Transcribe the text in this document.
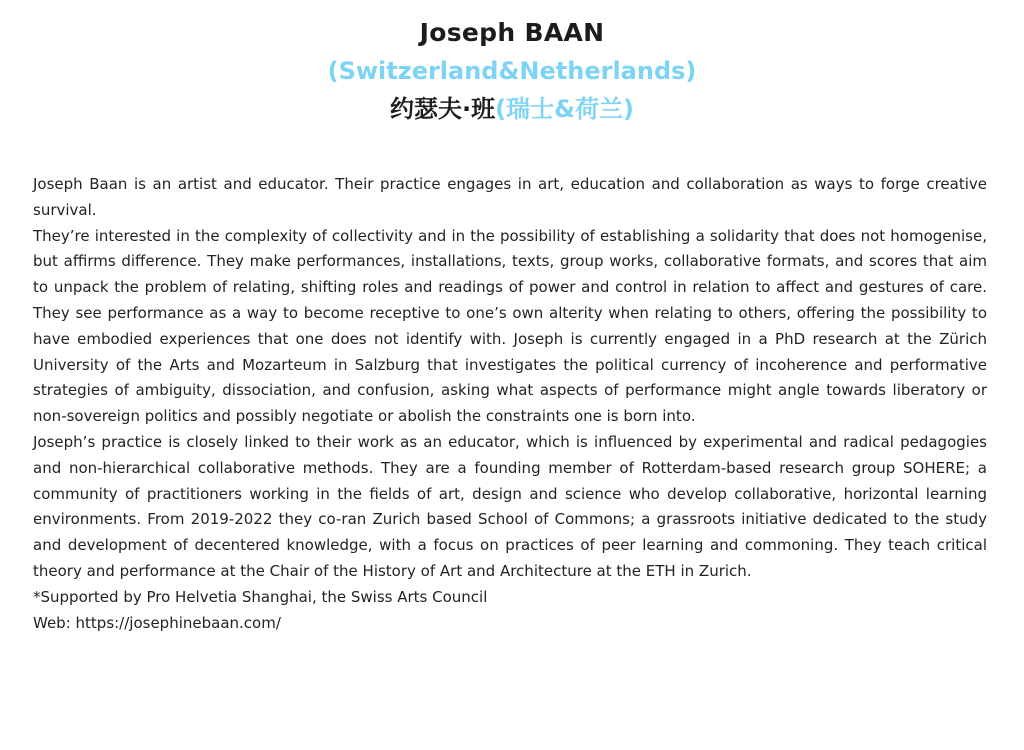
Joseph BAAN
(Switzerland&Netherlands)
约瑟夫·班(瑞士&荷兰)

Joseph Baan is an artist and educator. Their practice engages in art, education and collaboration as ways to forge creative survival.

They’re interested in the complexity of collectivity and in the possibility of establishing a solidarity that does not homogenise, but affirms difference. They make performances, installations, texts, group works, collaborative formats, and scores that aim to unpack the problem of relating, shifting roles and readings of power and control in relation to affect and gestures of care. They see performance as a way to become receptive to one’s own alterity when relating to others, offering the possibility to have embodied experiences that one does not identify with. Joseph is currently engaged in a PhD research at the Zürich University of the Arts and Mozarteum in Salzburg that investigates the political currency of incoherence and performative strategies of ambiguity, dissociation, and confusion, asking what aspects of performance might angle towards liberatory or non-sovereign politics and possibly negotiate or abolish the constraints one is born into.

Joseph’s practice is closely linked to their work as an educator, which is influenced by experimental and radical pedagogies and non-hierarchical collaborative methods. They are a founding member of Rotterdam-based research group SOHERE; a community of practitioners working in the fields of art, design and science who develop collaborative, horizontal learning environments. From 2019-2022 they co-ran Zurich based School of Commons; a grassroots initiative dedicated to the study and development of decentered knowledge, with a focus on practices of peer learning and commoning. They teach critical theory and performance at the Chair of the History of Art and Architecture at the ETH in Zurich.

*Supported by Pro Helvetia Shanghai, the Swiss Arts Council

Web: https://josephinebaan.com/
